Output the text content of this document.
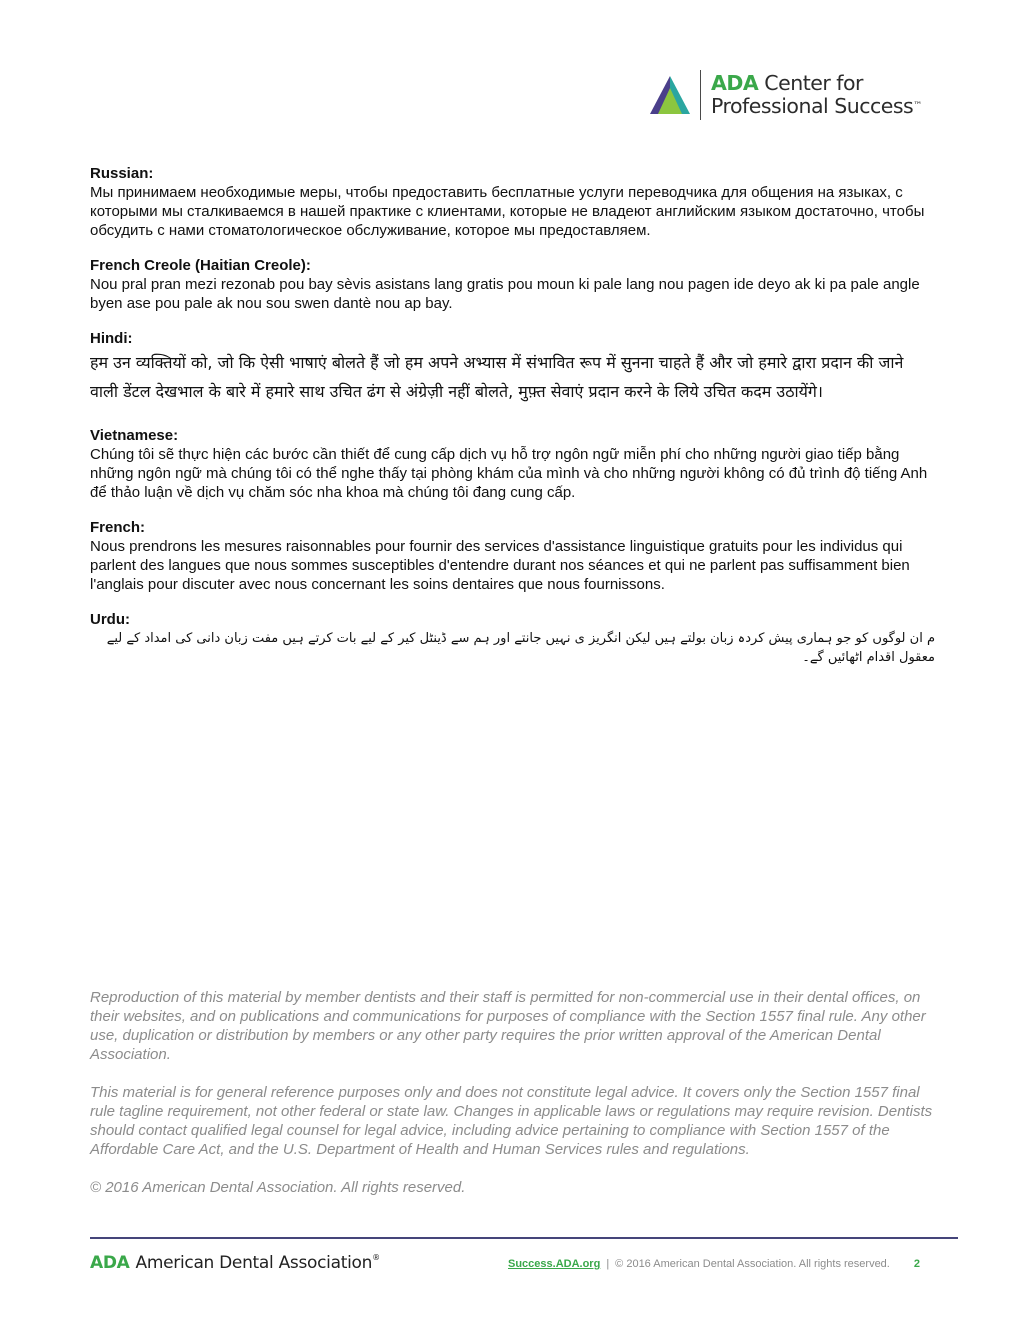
ADA Center for
Professional Success™
Russian:
Мы принимаем необходимые меры, чтобы предоставить бесплатные услуги переводчика для общения на языках, с которыми мы сталкиваемся в нашей практике с клиентами, которые не владеют английским языком достаточно, чтобы обсудить с нами стоматологическое обслуживание, которое мы предоставляем.
French Creole (Haitian Creole):
Nou pral pran mezi rezonab pou bay sèvis asistans lang gratis pou moun ki pale lang nou pagen ide deyo ak ki pa pale angle byen ase pou pale ak nou sou swen dantè nou ap bay.
Hindi:
हम उन व्यक्तियों को, जो कि ऐसी भाषाएं बोलते हैं जो हम अपने अभ्यास में संभावित रूप में सुनना चाहते हैं और जो हमारे द्वारा प्रदान की जाने वाली डेंटल देखभाल के बारे में हमारे साथ उचित ढंग से अंग्रेज़ी नहीं बोलते, मुफ़्त सेवाएं प्रदान करने के लिये उचित कदम उठायेंगे।
Vietnamese:
Chúng tôi sẽ thực hiện các bước cần thiết để cung cấp dịch vụ hỗ trợ ngôn ngữ miễn phí cho những người giao tiếp bằng những ngôn ngữ mà chúng tôi có thể nghe thấy tại phòng khám của mình và cho những người không có đủ trình độ tiếng Anh để thảo luận về dịch vụ chăm sóc nha khoa mà chúng tôi đang cung cấp.
French:
Nous prendrons les mesures raisonnables pour fournir des services d'assistance linguistique gratuits pour les individus qui parlent des langues que nous sommes susceptibles d'entendre durant nos séances et qui ne parlent pas suffisamment bien l'anglais pour discuter avec nous concernant les soins dentaires que nous fournissons.
Urdu:
م ان لوگوں کو جو ہماری پیش کردہ زبان بولتے ہیں لیکن انگریز ی نہیں جانتے اور ہم سے ڈینٹل کیر کے لیے بات کرتے ہیں مفت زبان دانی کی امداد کے لیے معقول اقدام اٹھائیں گے۔

Reproduction of this material by member dentists and their staff is permitted for non-commercial use in their dental offices, on their websites, and on publications and communications for purposes of compliance with the Section 1557 final rule. Any other use, duplication or distribution by members or any other party requires the prior written approval of the American Dental Association.

This material is for general reference purposes only and does not constitute legal advice. It covers only the Section 1557 final rule tagline requirement, not other federal or state law. Changes in applicable laws or regulations may require revision. Dentists should contact qualified legal counsel for legal advice, including advice pertaining to compliance with Section 1557 of the Affordable Care Act, and the U.S. Department of Health and Human Services rules and regulations.

© 2016 American Dental Association. All rights reserved.

ADA American Dental Association®
Success.ADA.org | © 2016 American Dental Association. All rights reserved. 2
